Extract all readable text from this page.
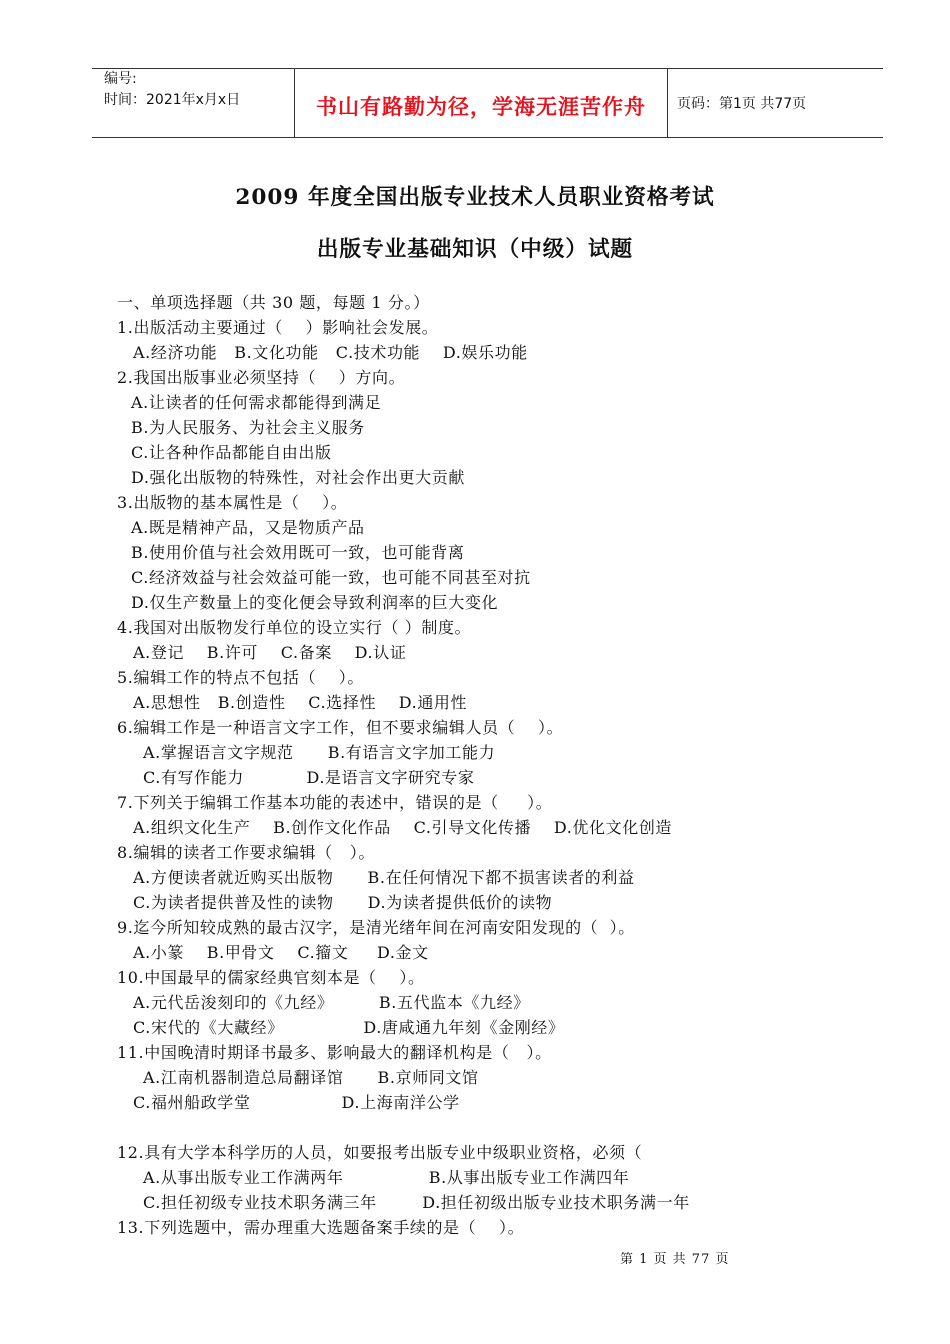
编号:
时间：2021年x月x日	书山有路勤为径，学海无涯苦作舟	页码：第1页 共77页
2009 年度全国出版专业技术人员职业资格考试
出版专业基础知识（中级）试题
一、单项选择题（共 30 题，每题 1 分。）
1.出版活动主要通过（    ）影响社会发展。
A.经济功能   B.文化功能   C.技术功能    D.娱乐功能
2.我国出版事业必须坚持（    ）方向。
A.让读者的任何需求都能得到满足
B.为人民服务、为社会主义服务
C.让各种作品都能自由出版
D.强化出版物的特殊性，对社会作出更大贡献
3.出版物的基本属性是（    ）。
A.既是精神产品，又是物质产品
B.使用价值与社会效用既可一致，也可能背离
C.经济效益与社会效益可能一致，也可能不同甚至对抗
D.仅生产数量上的变化便会导致利润率的巨大变化
4.我国对出版物发行单位的设立实行（ ）制度。
A.登记    B.许可    C.备案    D.认证
5.编辑工作的特点不包括（    ）。
A.思想性   B.创造性    C.选择性    D.通用性
6.编辑工作是一种语言文字工作，但不要求编辑人员（    ）。
A.掌握语言文字规范      B.有语言文字加工能力
C.有写作能力           D.是语言文字研究专家
7.下列关于编辑工作基本功能的表述中，错误的是（     ）。
A.组织文化生产    B.创作文化作品    C.引导文化传播    D.优化文化创造
8.编辑的读者工作要求编辑（   ）。
A.方便读者就近购买出版物      B.在任何情况下都不损害读者的利益
C.为读者提供普及性的读物      D.为读者提供低价的读物
9.迄今所知较成熟的最古汉字，是清光绪年间在河南安阳发现的（  ）。
A.小篆    B.甲骨文    C.籀文     D.金文
10.中国最早的儒家经典官刻本是（    ）。
A.元代岳浚刻印的《九经》        B.五代监本《九经》
C.宋代的《大藏经》              D.唐咸通九年刻《金刚经》
11.中国晚清时期译书最多、影响最大的翻译机构是（   ）。
A.江南机器制造总局翻译馆      B.京师同文馆
C.福州船政学堂                D.上海南洋公学
12.具有大学本科学历的人员，如要报考出版专业中级职业资格，必须（
A.从事出版专业工作满两年               B.从事出版专业工作满四年
C.担任初级专业技术职务满三年        D.担任初级出版专业技术职务满一年
13.下列选题中，需办理重大选题备案手续的是（    ）。
第 1 页 共 77 页
